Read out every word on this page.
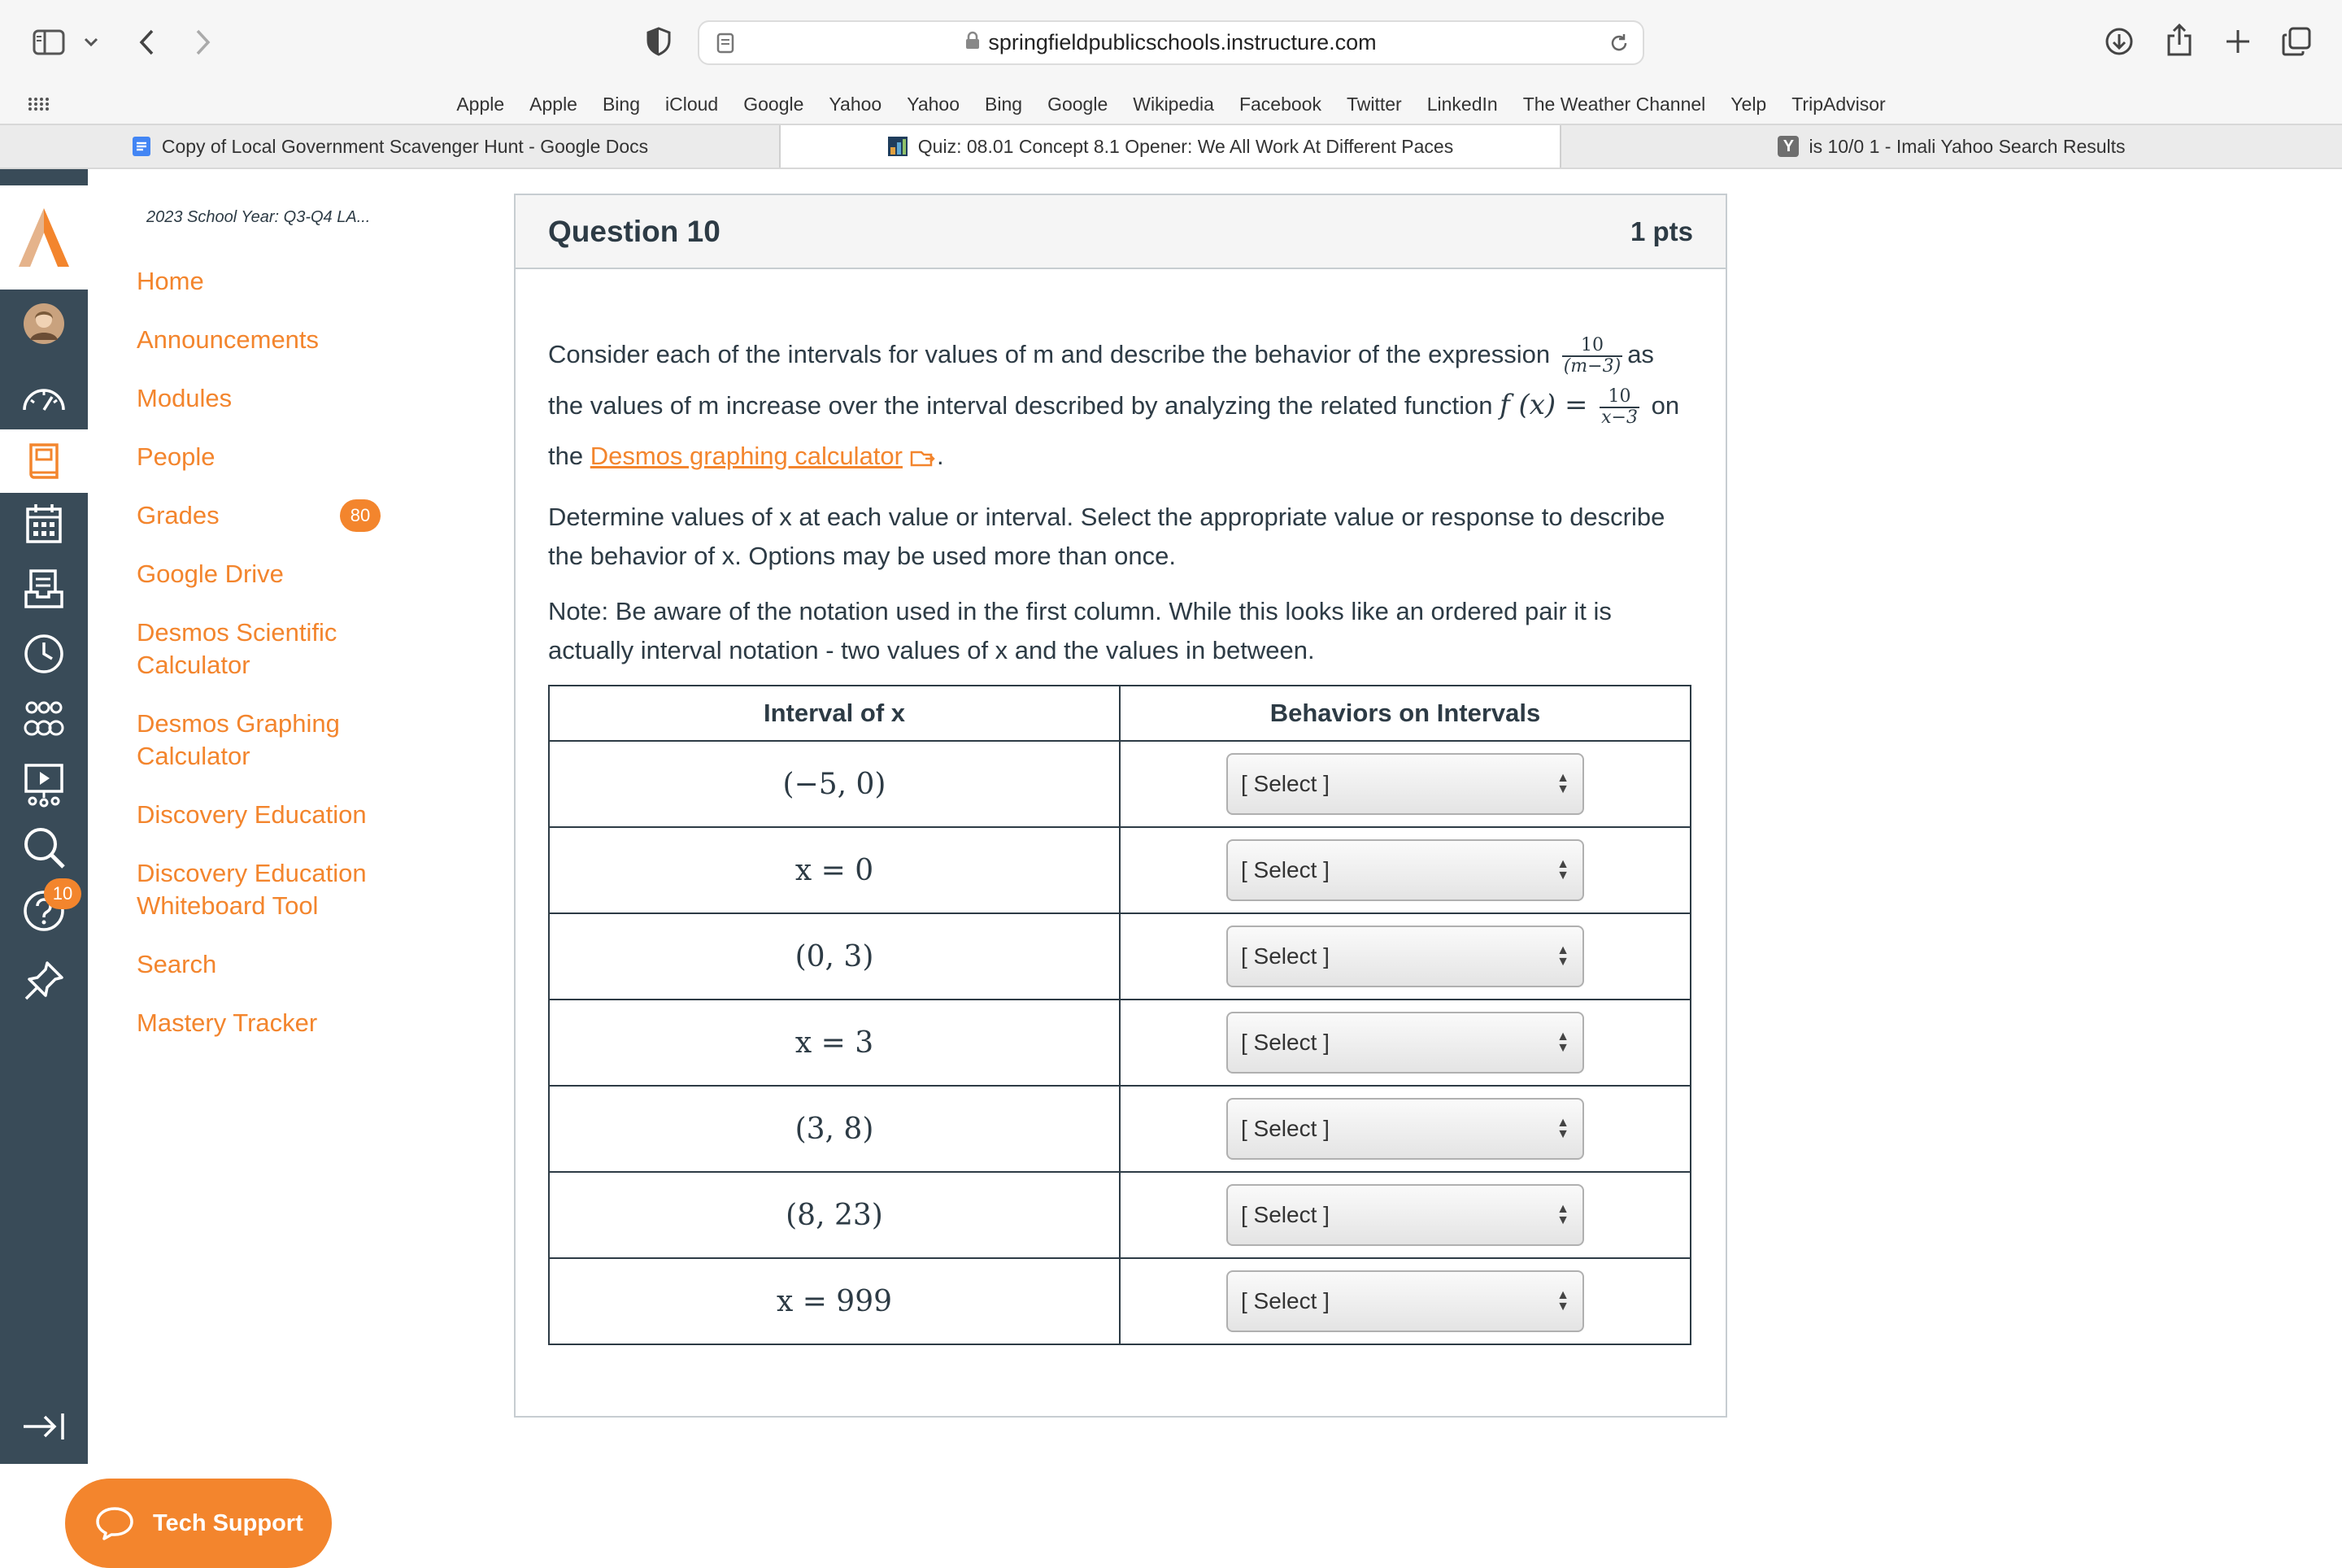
springfieldpublicschools.instructure.com
Apple	Apple	Bing	iCloud	Google	Yahoo	Yahoo	Bing	Google	Wikipedia	Facebook	Twitter	LinkedIn	The Weather Channel	Yelp	TripAdvisor
Copy of Local Government Scavenger Hunt - Google Docs	Quiz: 08.01 Concept 8.1 Opener: We All Work At Different Paces	Y is 10/0 1 - Imali Yahoo Search Results
10
2023 School Year: Q3-Q4 LA...
Home
Announcements
Modules
People
Grades	80
Google Drive
Desmos Scientific Calculator
Desmos Graphing Calculator
Discovery Education
Discovery Education Whiteboard Tool
Search
Mastery Tracker
Tech Support
Question 10	1 pts
Consider each of the intervals for values of m and describe the behavior of the expression $\frac{10}{(m-3)}$ as the values of m increase over the interval described by analyzing the related function f $(x) = \frac{10}{x-3}$ on the Desmos graphing calculator .
Determine values of x at each value or interval. Select the appropriate value or response to describe the behavior of x. Options may be used more than once.
Note: Be aware of the notation used in the first column. While this looks like an ordered pair it is actually interval notation - two values of x and the values in between.
Interval of x	Behaviors on Intervals
(−5, 0)	[ Select ] ▲
▼

x = 0	[ Select ] ▲
▼

(0, 3)	[ Select ] ▲
▼

x = 3	[ Select ] ▲
▼

(3, 8)	[ Select ] ▲
▼

(8, 23)	[ Select ] ▲
▼

x = 999	[ Select ] ▲
▼
